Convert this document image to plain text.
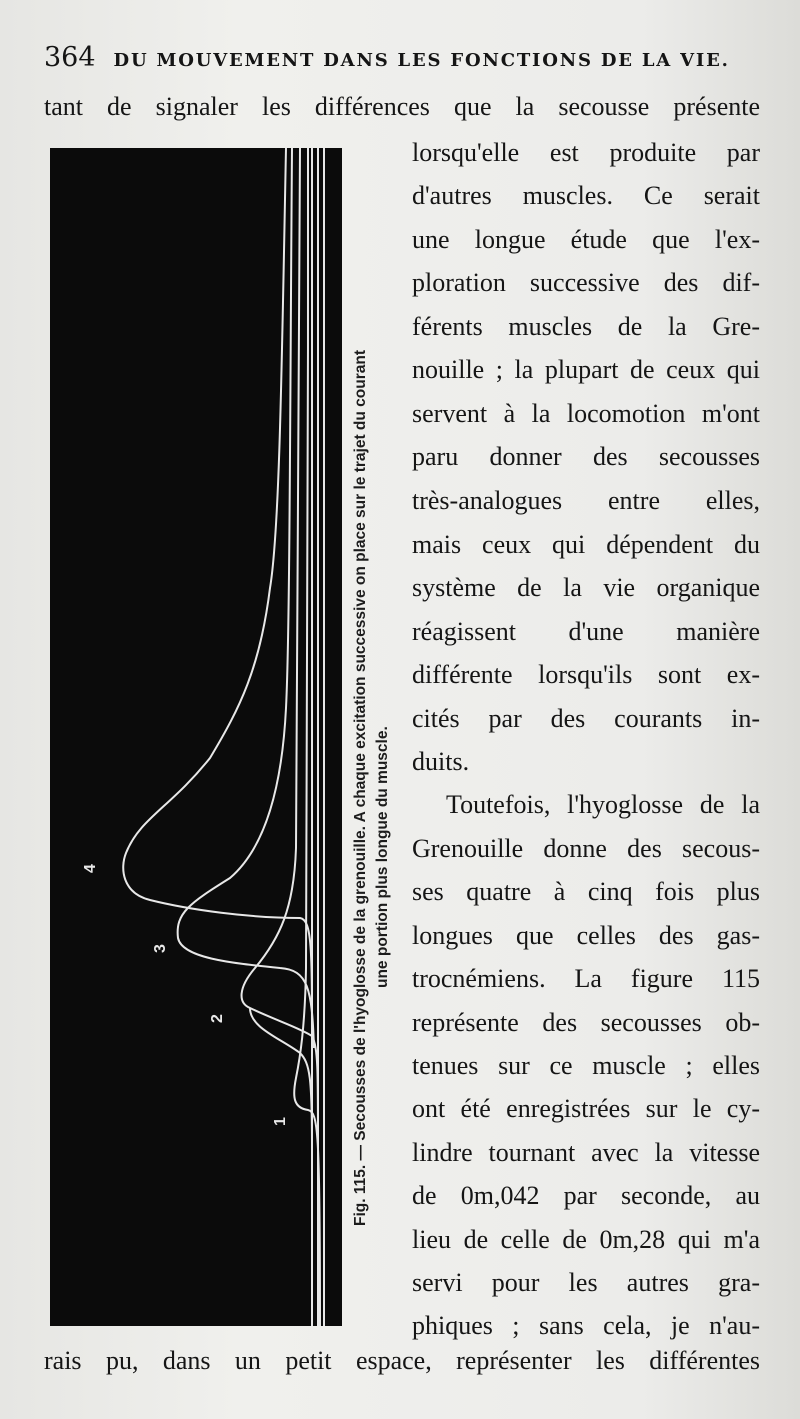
364 DU MOUVEMENT DANS LES FONCTIONS DE LA VIE.
tant de signaler les différences que la secousse présente
4
3
2
1	Fig. 115. — Secousses de l'hyoglosse de la grenouille. A chaque excitation successive on place sur le trajet du courant une portion plus longue du muscle.
lorsqu'elle est produite par
d'autres muscles. Ce serait
une longue étude que l'ex-
ploration successive des dif-
férents muscles de la Gre-
nouille ; la plupart de ceux qui
servent à la locomotion m'ont
paru donner des secousses
très-analogues entre elles,
mais ceux qui dépendent du
système de la vie organique
réagissent d'une manière
différente lorsqu'ils sont ex-
cités par des courants in-
duits.
Toutefois, l'hyoglosse de la
Grenouille donne des secous-
ses quatre à cinq fois plus
longues que celles des gas-
trocnémiens. La figure 115
représente des secousses ob-
tenues sur ce muscle ; elles
ont été enregistrées sur le cy-
lindre tournant avec la vitesse
de 0m,042 par seconde, au
lieu de celle de 0m,28 qui m'a
servi pour les autres gra-
phiques ; sans cela, je n'au-
rais pu, dans un petit espace, représenter les différentes
